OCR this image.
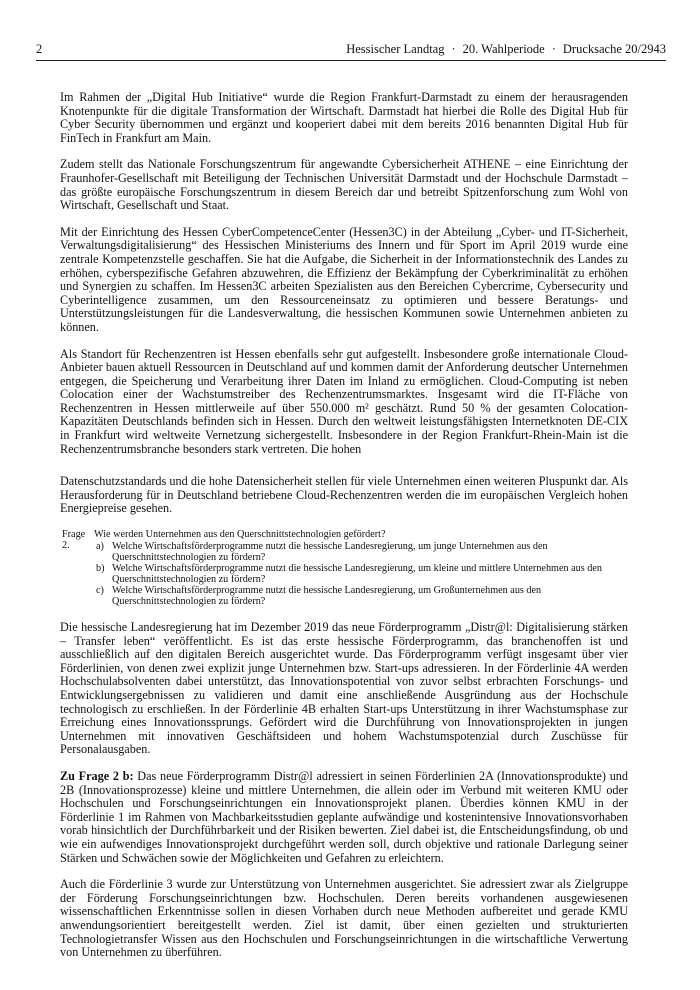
2	Hessischer Landtag · 20. Wahlperiode · Drucksache 20/2943

Im Rahmen der „Digital Hub Initiative“ wurde die Region Frankfurt-Darmstadt zu einem der herausragenden Knotenpunkte für die digitale Transformation der Wirtschaft. Darmstadt hat hierbei die Rolle des Digital Hub für Cyber Security übernommen und ergänzt und kooperiert dabei mit dem bereits 2016 benannten Digital Hub für FinTech in Frankfurt am Main.

Zudem stellt das Nationale Forschungszentrum für angewandte Cybersicherheit ATHENE – eine Einrichtung der Fraunhofer-Gesellschaft mit Beteiligung der Technischen Universität Darmstadt und der Hochschule Darmstadt – das größte europäische Forschungszentrum in diesem Bereich dar und betreibt Spitzenforschung zum Wohl von Wirtschaft, Gesellschaft und Staat.

Mit der Einrichtung des Hessen CyberCompetenceCenter (Hessen3C) in der Abteilung „Cyber- und IT-Sicherheit, Verwaltungsdigitalisierung“ des Hessischen Ministeriums des Innern und für Sport im April 2019 wurde eine zentrale Kompetenzstelle geschaffen. Sie hat die Aufgabe, die Sicherheit in der Informationstechnik des Landes zu erhöhen, cyberspezifische Gefahren abzuwehren, die Effizienz der Bekämpfung der Cyberkriminalität zu erhöhen und Synergien zu schaffen. Im Hessen3C arbeiten Spezialisten aus den Bereichen Cybercrime, Cybersecurity und Cyberintelligence zusammen, um den Ressourceneinsatz zu optimieren und bessere Beratungs- und Unterstützungsleistungen für die Landesverwaltung, die hessischen Kommunen sowie Unternehmen anbieten zu können.

Als Standort für Rechenzentren ist Hessen ebenfalls sehr gut aufgestellt. Insbesondere große internationale Cloud-Anbieter bauen aktuell Ressourcen in Deutschland auf und kommen damit der Anforderung deutscher Unternehmen entgegen, die Speicherung und Verarbeitung ihrer Daten im Inland zu ermöglichen. Cloud-Computing ist neben Colocation einer der Wachstumstreiber des Rechenzentrumsmarktes. Insgesamt wird die IT-Fläche von Rechenzentren in Hessen mittlerweile auf über 550.000 m² geschätzt. Rund 50 % der gesamten Colocation-Kapazitäten Deutschlands befinden sich in Hessen. Durch den weltweit leistungsfähigsten Internetknoten DE-CIX in Frankfurt wird weltweite Vernetzung sichergestellt. Insbesondere in der Region Frankfurt-Rhein-Main ist die Rechenzentrumsbranche besonders stark vertreten. Die hohen

Datenschutzstandards und die hohe Datensicherheit stellen für viele Unternehmen einen weiteren Pluspunkt dar. Als Herausforderung für in Deutschland betriebene Cloud-Rechenzentren werden die im europäischen Vergleich hohen Energiepreise gesehen.

Frage 2.
Wie werden Unternehmen aus den Querschnittstechnologien gefördert?
a) Welche Wirtschaftsförderprogramme nutzt die hessische Landesregierung, um junge Unternehmen aus den Querschnittstechnologien zu fördern?
b) Welche Wirtschaftsförderprogramme nutzt die hessische Landesregierung, um kleine und mittlere Unternehmen aus den Querschnittstechnologien zu fördern?
c) Welche Wirtschaftsförderprogramme nutzt die hessische Landesregierung, um Großunternehmen aus den Querschnittstechnologien zu fördern?

Die hessische Landesregierung hat im Dezember 2019 das neue Förderprogramm „Distr@l: Digitalisierung stärken – Transfer leben“ veröffentlicht. Es ist das erste hessische Förderprogramm, das branchenoffen ist und ausschließlich auf den digitalen Bereich ausgerichtet wurde. Das Förderprogramm verfügt insgesamt über vier Förderlinien, von denen zwei explizit junge Unternehmen bzw. Start-ups adressieren. In der Förderlinie 4A werden Hochschulabsolventen dabei unterstützt, das Innovationspotential von zuvor selbst erbrachten Forschungs- und Entwicklungsergebnissen zu validieren und damit eine anschließende Ausgründung aus der Hochschule technologisch zu erschließen. In der Förderlinie 4B erhalten Start-ups Unterstützung in ihrer Wachstumsphase zur Erreichung eines Innovationssprungs. Gefördert wird die Durchführung von Innovationsprojekten in jungen Unternehmen mit innovativen Geschäftsideen und hohem Wachstumspotenzial durch Zuschüsse für Personalausgaben.

Zu Frage 2 b: Das neue Förderprogramm Distr@l adressiert in seinen Förderlinien 2A (Innovationsprodukte) und 2B (Innovationsprozesse) kleine und mittlere Unternehmen, die allein oder im Verbund mit weiteren KMU oder Hochschulen und Forschungseinrichtungen ein Innovationsprojekt planen. Überdies können KMU in der Förderlinie 1 im Rahmen von Machbarkeitsstudien geplante aufwändige und kostenintensive Innovationsvorhaben vorab hinsichtlich der Durchführbarkeit und der Risiken bewerten. Ziel dabei ist, die Entscheidungsfindung, ob und wie ein aufwendiges Innovationsprojekt durchgeführt werden soll, durch objektive und rationale Darlegung seiner Stärken und Schwächen sowie der Möglichkeiten und Gefahren zu erleichtern.

Auch die Förderlinie 3 wurde zur Unterstützung von Unternehmen ausgerichtet. Sie adressiert zwar als Zielgruppe der Förderung Forschungseinrichtungen bzw. Hochschulen. Deren bereits vorhandenen ausgewiesenen wissenschaftlichen Erkenntnisse sollen in diesen Vorhaben durch neue Methoden aufbereitet und gerade KMU anwendungsorientiert bereitgestellt werden. Ziel ist damit, über einen gezielten und strukturierten Technologietransfer Wissen aus den Hochschulen und Forschungseinrichtungen in die wirtschaftliche Verwertung von Unternehmen zu überführen.
